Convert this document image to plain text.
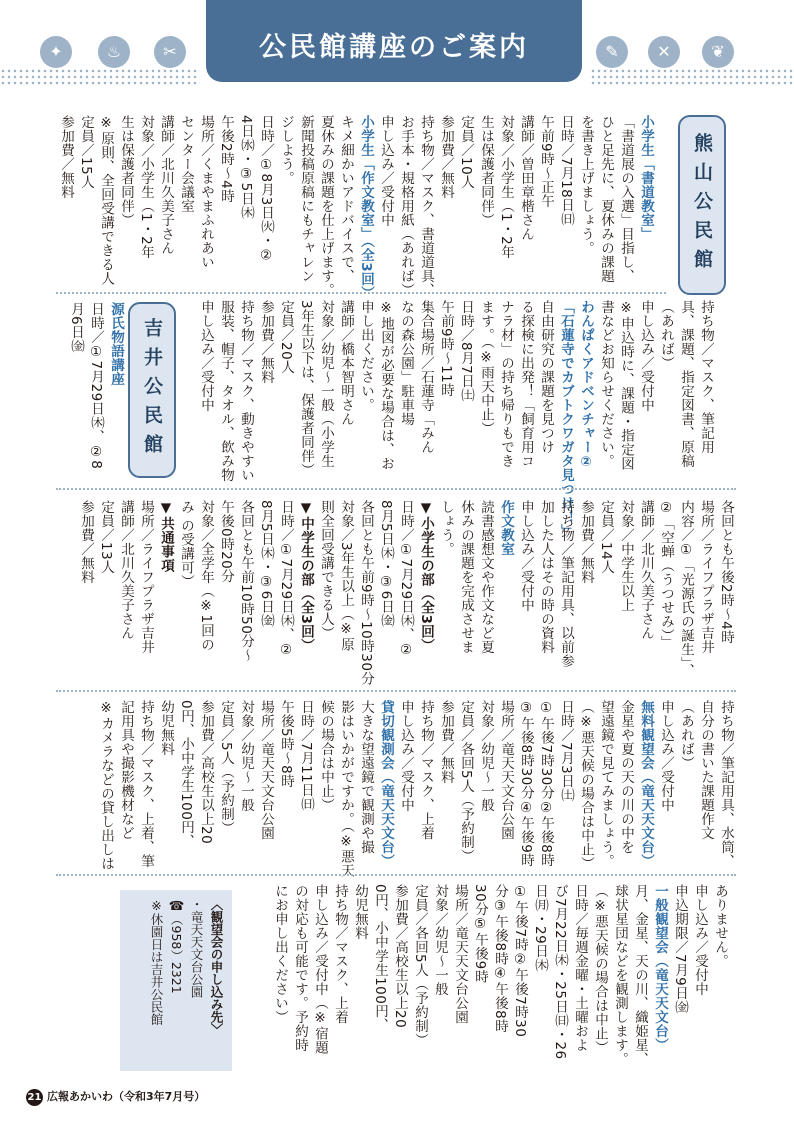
✦	♨	✂	公民館講座のご案内	✎	✕	❦
熊山公民館

小学生「書道教室」

「書道展の入選」目指し、

ひと足先に、夏休みの課題

を書き上げましょう。

日時／7月18日㈰

午前9時～正午

講師／曽田章楷さん

対象／小学生（1・2年

生は保護者同伴）

定員／10人

参加費／無料

持ち物／マスク、書道道具、

お手本・規格用紙（あれば）

申し込み／受付中

小学生「作文教室」（全3回）

キメ細かいアドバイスで、

夏休みの課題を仕上げます。

新聞投稿原稿にもチャレン

ジしよう。

日時／①8月3日㈫・②

4日㈬・③5日㈭

午後2時～4時

場所／くまやまふれあい

センター会議室

講師／北川久美子さん

対象／小学生（1・2年

生は保護者同伴）

※原則、全回受講できる人

定員／15人

参加費／無料

持ち物／マスク、筆記用

具、課題、指定図書、原稿

（あれば）

申し込み／受付中

※申込時に、課題・指定図

書などお知らせください。

わんぱくアドベンチャー②

「石蓮寺でカブトクワガタ見つけ！」

自由研究の課題を見つけ

る探検に出発！「飼育用コ

ナラ材」の持ち帰りもでき

ます。（※雨天中止）

日時／8月7日㈯

午前9時～11時

集合場所／石蓮寺「みん

なの森公園」駐車場

※地図が必要な場合は、お

申し出ください。

講師／橋本智明さん

対象／幼児～一般（小学生

3年生以下は、保護者同伴）

定員／20人

参加費／無料

持ち物／マスク、動きやすい

服装、帽子、タオル、飲み物

申し込み／受付中

吉井公民館

源氏物語講座

日時／①7月29日㈭、②8

月6日㈮

各回とも午後2時～4時

場所／ライフプラザ吉井

内容／①「光源氏の誕生」、

②「空蝉（うつせみ）」

講師／北川久美子さん

対象／中学生以上

定員／14人

参加費／無料

持ち物／筆記用具、以前参

加した人はその時の資料

申し込み／受付中

作文教室

読書感想文や作文など夏

休みの課題を完成させま

しょう。

▼小学生の部（全3回）

日時／①7月29日㈭、②

8月5日㈭・③6日㈮

各回とも午前9時～10時30分

対象／3年生以上（※原

則全回受講できる人）

▼中学生の部（全3回）

日時／①7月29日㈭、②

8月5日㈭・③6日㈮

各回とも午前10時50分～

午後0時20分

対象／全学年（※1回の

み の受講可）

▼共通事項

場所／ライフプラザ吉井

講師／北川久美子さん

定員／13人

参加費／無料

持ち物／筆記用具、水筒、

自分の書いた課題作文

（あれば）

申し込み／受付中

無料観望会（竜天天文台）

金星や夏の天の川の中を

望遠鏡で見てみましょう。

（※悪天候の場合は中止）

日時／7月3日㈯

①午後7時30分②午後8時

③午後8時30分④午後9時

場所／竜天天文台公園

対象／幼児～一般

定員／各回5人（予約制）

参加費／無料

持ち物／マスク、上着

申し込み／受付中

貸切観測会（竜天天文台）

大きな望遠鏡で観測や撮

影はいかがですか。（※悪天

候の場合は中止）

日時／7月11日㈰

午後5時～8時

場所／竜天天文台公園

対象／幼児～一般

定員／5人（予約制）

参加費／高校生以上20

0円、小中学生100円、

幼児無料

持ち物／マスク、上着、筆

記用具や撮影機材など

※カメラなどの貸し出しは

ありません。

申し込み／受付中

申込期限／7月9日㈮

一般観望会（竜天天文台）

月、金星、天の川、織姫星、

球状星団などを観測します。

（※悪天候の場合は中止）

日時／毎週金曜・土曜およ

び7月22日㈭・25日㈰・26

日㈪・29日㈭

①午後7時②午後7時30

分③午後8時④午後8時

30分⑤午後9時

場所／竜天天文台公園

対象／幼児～一般

定員／各回5人（予約制）

参加費／高校生以上20

0円、小中学生100円、

幼児無料

持ち物／マスク、上着

申し込み／受付中（※宿題

の対応も可能です。予約時

にお申し出ください）

〈観望会の申し込み先〉

・竜天天文台公園

☎（958）2321

※休園日は吉井公民館

21 広報あかいわ（令和3年7月号）
